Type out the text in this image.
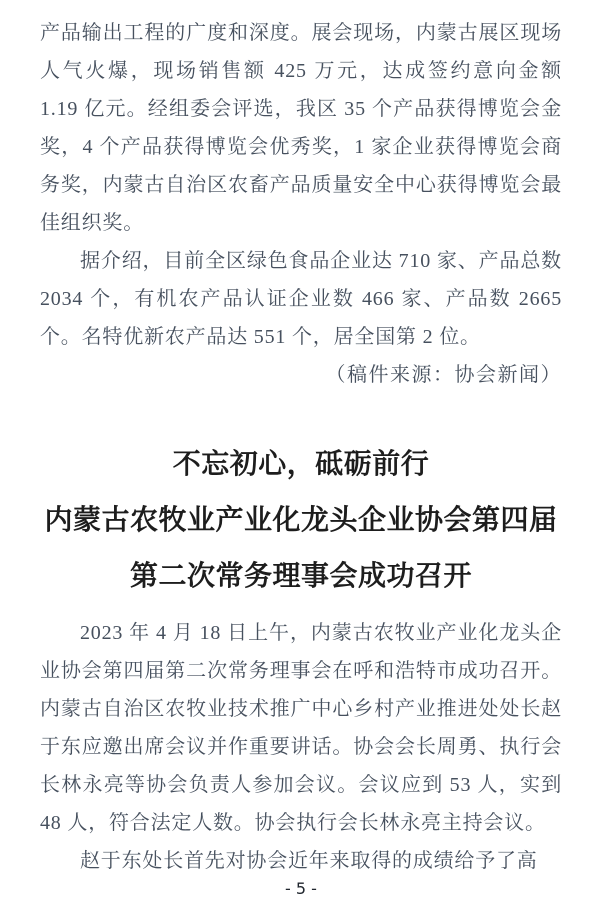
产品输出工程的广度和深度。展会现场，内蒙古展区现场人气火爆，现场销售额 425 万元，达成签约意向金额 1.19 亿元。经组委会评选，我区 35 个产品获得博览会金奖，4 个产品获得博览会优秀奖，1 家企业获得博览会商务奖，内蒙古自治区农畜产品质量安全中心获得博览会最佳组织奖。

据介绍，目前全区绿色食品企业达 710 家、产品总数 2034 个，有机农产品认证企业数 466 家、产品数 2665 个。名特优新农产品达 551 个，居全国第 2 位。

（稿件来源：协会新闻）

不忘初心，砥砺前行
内蒙古农牧业产业化龙头企业协会第四届
第二次常务理事会成功召开

2023 年 4 月 18 日上午，内蒙古农牧业产业化龙头企业协会第四届第二次常务理事会在呼和浩特市成功召开。内蒙古自治区农牧业技术推广中心乡村产业推进处处长赵于东应邀出席会议并作重要讲话。协会会长周勇、执行会长林永亮等协会负责人参加会议。会议应到 53 人，实到 48 人，符合法定人数。协会执行会长林永亮主持会议。

赵于东处长首先对协会近年来取得的成绩给予了高

- 5 -
